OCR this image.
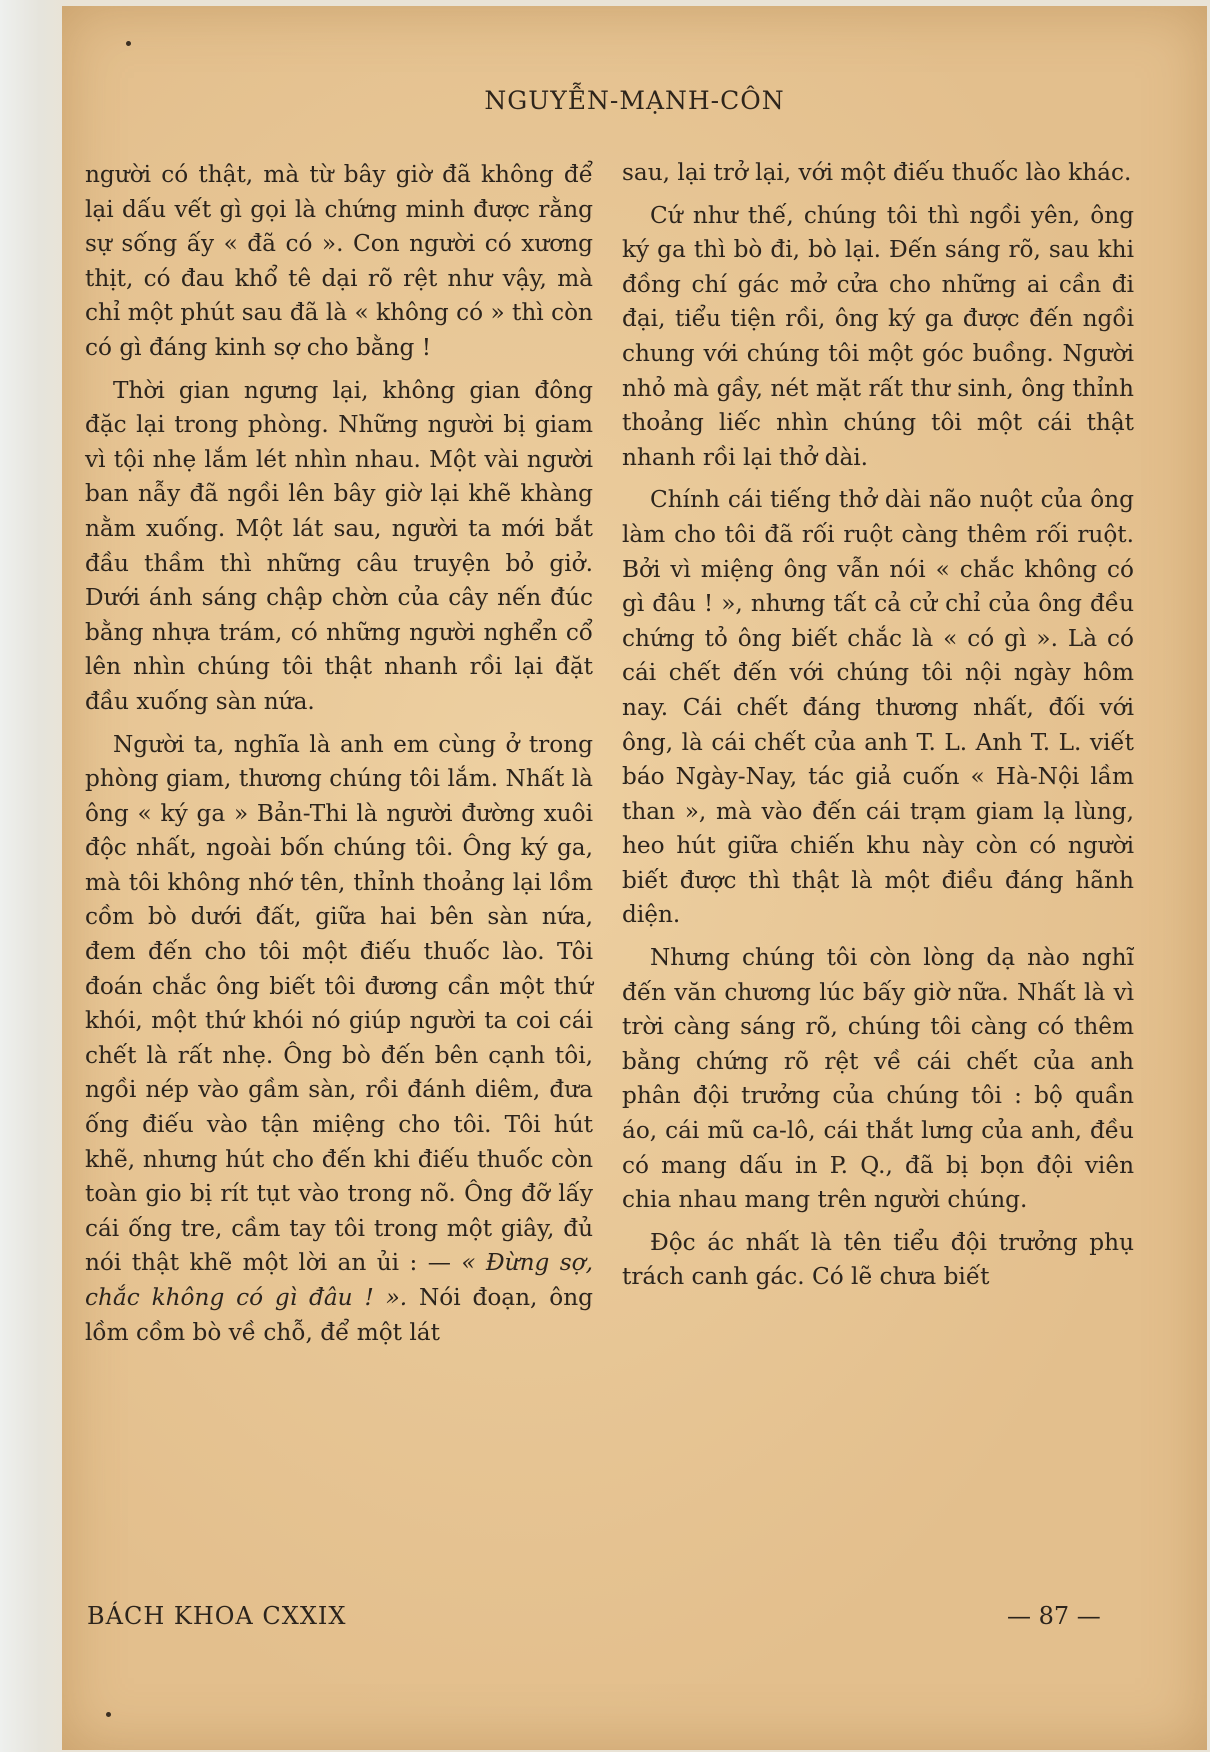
NGUYỄN-MẠNH-CÔN

người có thật, mà từ bây giờ đã không để lại dấu vết gì gọi là chứng minh được rằng sự sống ấy « đã có ». Con người có xương thịt, có đau khổ tê dại rõ rệt như vậy, mà chỉ một phút sau đã là « không có » thì còn có gì đáng kinh sợ cho bằng !

Thời gian ngưng lại, không gian đông đặc lại trong phòng. Những người bị giam vì tội nhẹ lắm lét nhìn nhau. Một vài người ban nẫy đã ngồi lên bây giờ lại khẽ khàng nằm xuống. Một lát sau, người ta mới bắt đầu thầm thì những câu truyện bỏ giở. Dưới ánh sáng chập chờn của cây nến đúc bằng nhựa trám, có những người nghển cổ lên nhìn chúng tôi thật nhanh rồi lại đặt đầu xuống sàn nứa.

Người ta, nghĩa là anh em cùng ở trong phòng giam, thương chúng tôi lắm. Nhất là ông « ký ga » Bản-Thi là người đường xuôi độc nhất, ngoài bốn chúng tôi. Ông ký ga, mà tôi không nhớ tên, thỉnh thoảng lại lồm cồm bò dưới đất, giữa hai bên sàn nứa, đem đến cho tôi một điếu thuốc lào. Tôi đoán chắc ông biết tôi đương cần một thứ khói, một thứ khói nó giúp người ta coi cái chết là rất nhẹ. Ông bò đến bên cạnh tôi, ngồi nép vào gầm sàn, rồi đánh diêm, đưa ống điếu vào tận miệng cho tôi. Tôi hút khẽ, nhưng hút cho đến khi điếu thuốc còn toàn gio bị rít tụt vào trong nõ. Ông đỡ lấy cái ống tre, cầm tay tôi trong một giây, đủ nói thật khẽ một lời an ủi : — « Đừng sợ, chắc không có gì đâu ! ». Nói đoạn, ông lồm cồm bò về chỗ, để một lát

sau, lại trở lại, với một điếu thuốc lào khác.

Cứ như thế, chúng tôi thì ngồi yên, ông ký ga thì bò đi, bò lại. Đến sáng rõ, sau khi đồng chí gác mở cửa cho những ai cần đi đại, tiểu tiện rồi, ông ký ga được đến ngồi chung với chúng tôi một góc buồng. Người nhỏ mà gầy, nét mặt rất thư sinh, ông thỉnh thoảng liếc nhìn chúng tôi một cái thật nhanh rồi lại thở dài.

Chính cái tiếng thở dài não nuột của ông làm cho tôi đã rối ruột càng thêm rối ruột. Bởi vì miệng ông vẫn nói « chắc không có gì đâu ! », nhưng tất cả cử chỉ của ông đều chứng tỏ ông biết chắc là « có gì ». Là có cái chết đến với chúng tôi nội ngày hôm nay. Cái chết đáng thương nhất, đối với ông, là cái chết của anh T. L. Anh T. L. viết báo Ngày-Nay, tác giả cuốn « Hà-Nội lầm than », mà vào đến cái trạm giam lạ lùng, heo hút giữa chiến khu này còn có người biết được thì thật là một điều đáng hãnh diện.

Nhưng chúng tôi còn lòng dạ nào nghĩ đến văn chương lúc bấy giờ nữa. Nhất là vì trời càng sáng rõ, chúng tôi càng có thêm bằng chứng rõ rệt về cái chết của anh phân đội trưởng của chúng tôi : bộ quần áo, cái mũ ca-lô, cái thắt lưng của anh, đều có mang dấu in P. Q., đã bị bọn đội viên chia nhau mang trên người chúng.

Độc ác nhất là tên tiểu đội trưởng phụ trách canh gác. Có lẽ chưa biết

BÁCH KHOA CXXIX	— 87 —
